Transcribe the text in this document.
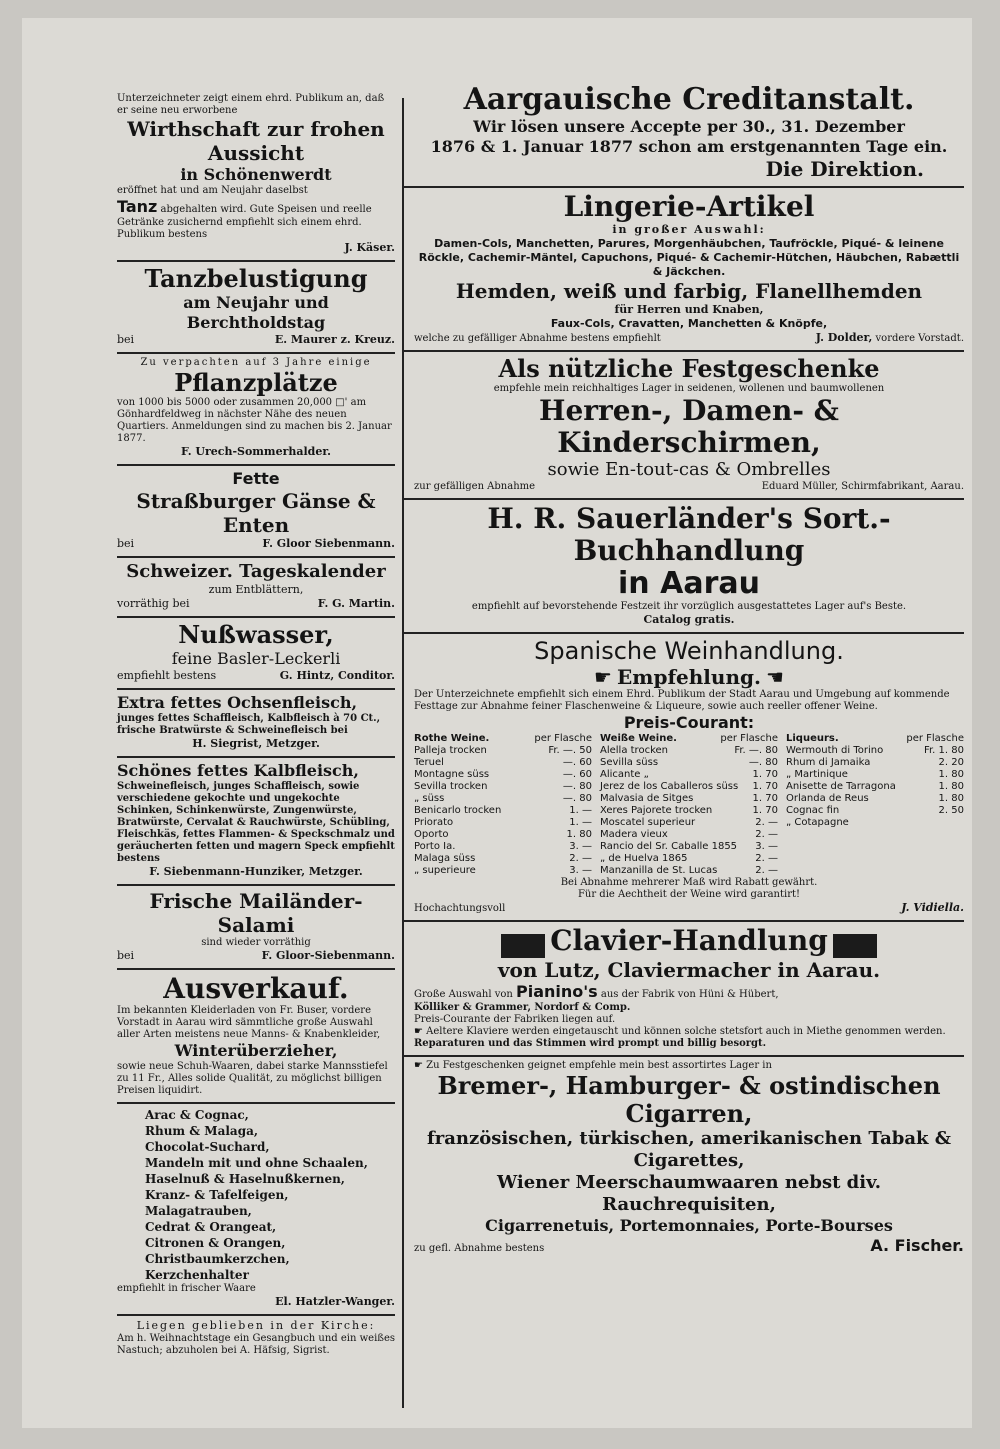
Unterzeichneter zeigt einem ehrd. Publikum an, daß er seine neu erworbene
Wirthschaft zur frohen Aussicht
in Schönenwerdt
eröffnet hat und am Neujahr daselbst
Tanz abgehalten wird. Gute Speisen und reelle Getränke zusichernd empfiehlt sich einem ehrd. Publikum bestens
J. Käser.
Tanzbelustigung
am Neujahr und Berchtholdstag
bei	E. Maurer z. Kreuz.
Zu verpachten auf 3 Jahre einige
Pflanzplätze
von 1000 bis 5000 oder zusammen 20,000 □' am Gönhardfeldweg in nächster Nähe des neuen Quartiers. Anmeldungen sind zu machen bis 2. Januar 1877.
F. Urech-Sommerhalder.
Fette
Straßburger Gänse & Enten
bei	F. Gloor Siebenmann.
Schweizer. Tageskalender
zum Entblättern,
vorräthig bei	F. G. Martin.
Nußwasser,
feine Basler-Leckerli
empfiehlt bestens	G. Hintz, Conditor.
Extra fettes Ochsenfleisch,
junges fettes Schaffleisch, Kalbfleisch à 70 Ct., frische Bratwürste & Schweinefleisch bei
H. Siegrist, Metzger.
Schönes fettes Kalbfleisch,
Schweinefleisch, junges Schaffleisch, sowie verschiedene gekochte und ungekochte Schinken, Schinkenwürste, Zungenwürste, Bratwürste, Cervalat & Rauchwürste, Schübling, Fleischkäs, fettes Flammen- & Speckschmalz und geräucherten fetten und magern Speck empfiehlt bestens
F. Siebenmann-Hunziker, Metzger.
Frische Mailänder-Salami
sind wieder vorräthig
bei	F. Gloor-Siebenmann.
Ausverkauf.
Im bekannten Kleiderladen von Fr. Buser, vordere Vorstadt in Aarau wird sämmtliche große Auswahl aller Arten meistens neue Manns- & Knabenkleider,
Winterüberzieher,
sowie neue Schuh-Waaren, dabei starke Mannsstiefel zu 11 Fr., Alles solide Qualität, zu möglichst billigen Preisen liquidirt.
Arac & Cognac,
Rhum & Malaga,
Chocolat-Suchard,
Mandeln mit und ohne Schaalen,
Haselnuß & Haselnußkernen,
Kranz- & Tafelfeigen,
Malagatrauben,
Cedrat & Orangeat,
Citronen & Orangen,
Christbaumkerzchen,
Kerzchenhalter
empfiehlt in frischer Waare
El. Hatzler-Wanger.
Liegen geblieben in der Kirche:
Am h. Weihnachtstage ein Gesangbuch und ein weißes Nastuch; abzuholen bei A. Häfsig, Sigrist.
Aargauische Creditanstalt.
Wir lösen unsere Accepte per 30., 31. Dezember
1876 & 1. Januar 1877 schon am erstgenannten Tage ein.
Die Direktion.
Lingerie-Artikel
in großer Auswahl:
Damen-Cols, Manchetten, Parures, Morgenhäubchen, Taufröckle, Piqué- & leinene Röckle, Cachemir-Mäntel, Capuchons, Piqué- & Cachemir-Hütchen, Häubchen, Rabættli & Jäckchen.
Hemden, weiß und farbig, Flanellhemden
für Herren und Knaben,
Faux-Cols, Cravatten, Manchetten & Knöpfe,
welche zu gefälliger Abnahme bestens empfiehlt	J. Dolder, vordere Vorstadt.
Als nützliche Festgeschenke
empfehle mein reichhaltiges Lager in seidenen, wollenen und baumwollenen
Herren-, Damen- & Kinderschirmen,
sowie En-tout-cas & Ombrelles
zur gefälligen Abnahme	Eduard Müller, Schirmfabrikant, Aarau.
H. R. Sauerländer's Sort.-Buchhandlung
in Aarau
empfiehlt auf bevorstehende Festzeit ihr vorzüglich ausgestattetes Lager auf's Beste.
Catalog gratis.
Spanische Weinhandlung.
☛ Empfehlung. ☚
Der Unterzeichnete empfiehlt sich einem Ehrd. Publikum der Stadt Aarau und Umgebung auf kommende Festtage zur Abnahme feiner Flaschenweine & Liqueure, sowie auch reeller offener Weine.
Preis-Courant:
Rothe Weine.	per Flasche
Palleja trocken	Fr. —. 50
Teruel	—. 60
Montagne süss	—. 60
Sevilla trocken	—. 80
„ süss	—. 80
Benicarlo trocken	1. —
Priorato	1. —
Oporto	1. 80
Porto Ia.	3. —
Malaga süss	2. —
„ superieure	3. —
Weiße Weine.	per Flasche
Alella trocken	Fr. —. 80
Sevilla süss	—. 80
Alicante „	1. 70
Jerez de los Caballeros süss 1. 70
Malvasia de Sitges	1. 70
Xeres Pajorete trocken	1. 70
Moscatel superieur	2. —
Madera vieux	2. —
Rancio del Sr. Caballe 1855 3. —
„ de Huelva 1865	2. —
Manzanilla de St. Lucas	2. —
Liqueurs.	per Flasche
Wermouth di Torino	Fr. 1. 80
Rhum di Jamaika	2. 20
„ Martinique	1. 80
Anisette de Tarragona	1. 80
Orlanda de Reus	1. 80
Cognac fin	2. 50
„ Cotapagne
Bei Abnahme mehrerer Maß wird Rabatt gewährt.
Für die Aechtheit der Weine wird garantirt!
Hochachtungsvoll	J. Vidiella.
Clavier-Handlung
von Lutz, Claviermacher in Aarau.
Große Auswahl von Pianino's aus der Fabrik von Hüni & Hübert,
Kölliker & Grammer, Nordorf & Comp.
Preis-Courante der Fabriken liegen auf.
☛ Aeltere Klaviere werden eingetauscht und können solche stetsfort auch in Miethe genommen werden.
Reparaturen und das Stimmen wird prompt und billig besorgt.
☛ Zu Festgeschenken geignet empfehle mein best assortirtes Lager in
Bremer-, Hamburger- & ostindischen Cigarren,
französischen, türkischen, amerikanischen Tabak & Cigarettes,
Wiener Meerschaumwaaren nebst div. Rauchrequisiten,
Cigarrenetuis, Portemonnaies, Porte-Bourses
zu gefl. Abnahme bestens	A. Fischer.
